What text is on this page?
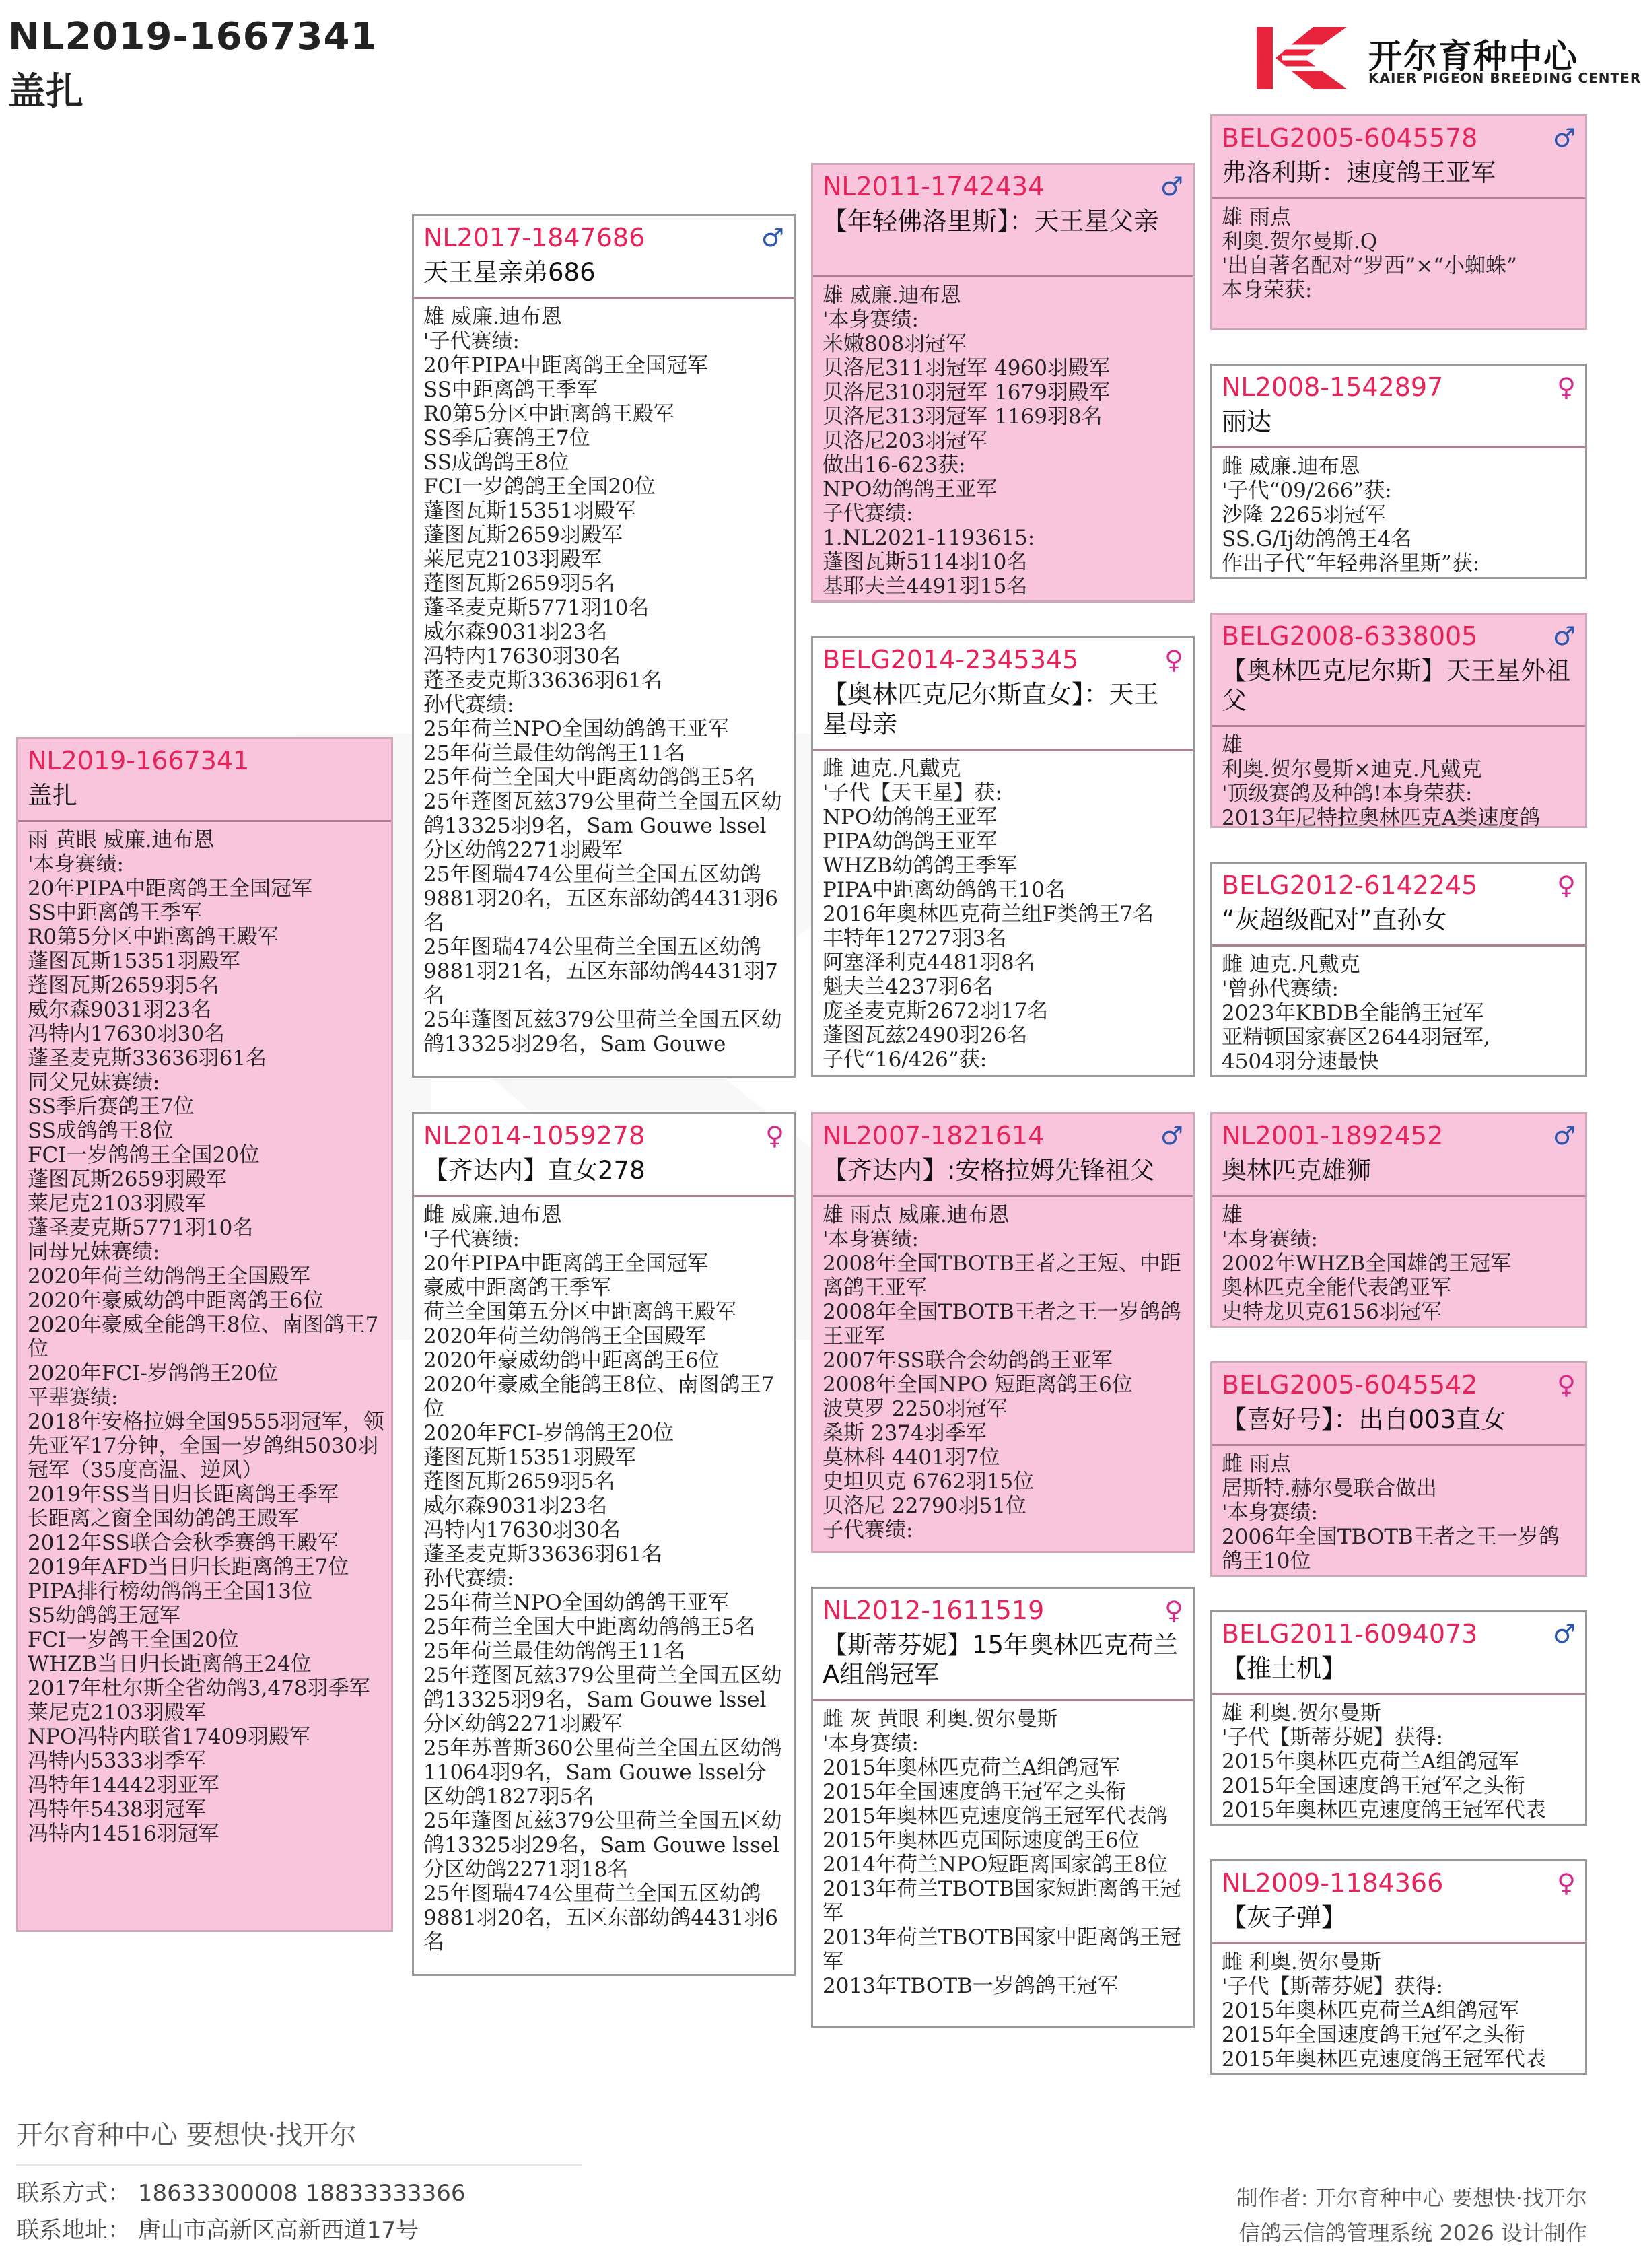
NL2019-1667341
盖扎
开尔育种中心
KAIER PIGEON BREEDING CENTER
NL2019-1667341
盖扎
雨 黄眼 威廉.迪布恩
'本身赛绩:
20年PIPA中距离鸽王全国冠军
SS中距离鸽王季军
R0第5分区中距离鸽王殿军
蓬图瓦斯15351羽殿军
蓬图瓦斯2659羽5名
威尔森9031羽23名
冯特内17630羽30名
蓬圣麦克斯33636羽61名
同父兄妹赛绩:
SS季后赛鸽王7位
SS成鸽鸽王8位
FCI一岁鸽鸽王全国20位
蓬图瓦斯2659羽殿军
莱尼克2103羽殿军
蓬圣麦克斯5771羽10名
同母兄妹赛绩:
2020年荷兰幼鸽鸽王全国殿军
2020年豪威幼鸽中距离鸽王6位
2020年豪威全能鸽王8位、南图鸽王7位
2020年FCI-岁鸽鸽王20位
平辈赛绩:
2018年安格拉姆全国9555羽冠军，领先亚军17分钟，全国一岁鸽组5030羽冠军（35度高温、逆风）
2019年SS当日归长距离鸽王季军
长距离之窗全国幼鸽鸽王殿军
2012年SS联合会秋季赛鸽王殿军
2019年AFD当日归长距离鸽王7位
PIPA排行榜幼鸽鸽王全国13位
S5幼鸽鸽王冠军
FCI一岁鸽王全国20位
WHZB当日归长距离鸽王24位
2017年杜尔斯全省幼鸽3,478羽季军
莱尼克2103羽殿军
NPO冯特内联省17409羽殿军
冯特内5333羽季军
冯特年14442羽亚军
冯特年5438羽冠军
冯特内14516羽冠军
NL2017-1847686	♂
天王星亲弟686
雄 威廉.迪布恩
'子代赛绩:
20年PIPA中距离鸽王全国冠军
SS中距离鸽王季军
R0第5分区中距离鸽王殿军
SS季后赛鸽王7位
SS成鸽鸽王8位
FCI一岁鸽鸽王全国20位
蓬图瓦斯15351羽殿军
蓬图瓦斯2659羽殿军
莱尼克2103羽殿军
蓬图瓦斯2659羽5名
蓬圣麦克斯5771羽10名
威尔森9031羽23名
冯特内17630羽30名
蓬圣麦克斯33636羽61名
孙代赛绩:
25年荷兰NPO全国幼鸽鸽王亚军
25年荷兰最佳幼鸽鸽王11名
25年荷兰全国大中距离幼鸽鸽王5名
25年蓬图瓦兹379公里荷兰全国五区幼鸽13325羽9名，Sam Gouwe lssel分区幼鸽2271羽殿军
25年图瑞474公里荷兰全国五区幼鸽9881羽20名，五区东部幼鸽4431羽6名
25年图瑞474公里荷兰全国五区幼鸽9881羽21名，五区东部幼鸽4431羽7名
25年蓬图瓦兹379公里荷兰全国五区幼鸽13325羽29名，Sam Gouwe
NL2014-1059278	♀
【齐达内】直女278
雌 威廉.迪布恩
'子代赛绩:
20年PIPA中距离鸽王全国冠军
豪威中距离鸽王季军
荷兰全国第五分区中距离鸽王殿军
2020年荷兰幼鸽鸽王全国殿军
2020年豪威幼鸽中距离鸽王6位
2020年豪威全能鸽王8位、南图鸽王7位
2020年FCI-岁鸽鸽王20位
蓬图瓦斯15351羽殿军
蓬图瓦斯2659羽5名
威尔森9031羽23名
冯特内17630羽30名
蓬圣麦克斯33636羽61名
孙代赛绩:
25年荷兰NPO全国幼鸽鸽王亚军
25年荷兰全国大中距离幼鸽鸽王5名
25年荷兰最佳幼鸽鸽王11名
25年蓬图瓦兹379公里荷兰全国五区幼鸽13325羽9名，Sam Gouwe lssel分区幼鸽2271羽殿军
25年苏普斯360公里荷兰全国五区幼鸽11064羽9名，Sam Gouwe lssel分区幼鸽1827羽5名
25年蓬图瓦兹379公里荷兰全国五区幼鸽13325羽29名，Sam Gouwe lssel分区幼鸽2271羽18名
25年图瑞474公里荷兰全国五区幼鸽9881羽20名，五区东部幼鸽4431羽6名
NL2011-1742434	♂
【年轻佛洛里斯】：天王星父亲
雄 威廉.迪布恩
'本身赛绩:
米嫩808羽冠军
贝洛尼311羽冠军 4960羽殿军
贝洛尼310羽冠军 1679羽殿军
贝洛尼313羽冠军 1169羽8名
贝洛尼203羽冠军
做出16-623获:
NPO幼鸽鸽王亚军
子代赛绩:
1.NL2021-1193615:
蓬图瓦斯5114羽10名
基耶夫兰4491羽15名
BELG2014-2345345	♀
【奥林匹克尼尔斯直女】：天王星母亲
雌 迪克.凡戴克
'子代【天王星】获:
NPO幼鸽鸽王亚军
PIPA幼鸽鸽王亚军
WHZB幼鸽鸽王季军
PIPA中距离幼鸽鸽王10名
2016年奥林匹克荷兰组F类鸽王7名
丰特年12727羽3名
阿塞泽利克4481羽8名
魁夫兰4237羽6名
庞圣麦克斯2672羽17名
蓬图瓦兹2490羽26名
子代“16/426”获:
NL2007-1821614	♂
【齐达内】:安格拉姆先锋祖父
雄 雨点 威廉.迪布恩
'本身赛绩:
2008年全国TBOTB王者之王短、中距离鸽王亚军
2008年全国TBOTB王者之王一岁鸽鸽王亚军
2007年SS联合会幼鸽鸽王亚军
2008年全国NPO 短距离鸽王6位
波莫罗 2250羽冠军
桑斯 2374羽季军
莫林科 4401羽7位
史坦贝克 6762羽15位
贝洛尼 22790羽51位
子代赛绩:
NL2012-1611519	♀
【斯蒂芬妮】15年奥林匹克荷兰A组鸽冠军
雌 灰 黄眼 利奥.贺尔曼斯
'本身赛绩:
2015年奥林匹克荷兰A组鸽冠军
2015年全国速度鸽王冠军之头衔
2015年奥林匹克速度鸽王冠军代表鸽
2015年奥林匹克国际速度鸽王6位
2014年荷兰NPO短距离国家鸽王8位
2013年荷兰TBOTB国家短距离鸽王冠军
2013年荷兰TBOTB国家中距离鸽王冠军
2013年TBOTB一岁鸽鸽王冠军
BELG2005-6045578	♂
弗洛利斯：速度鸽王亚军
雄 雨点
利奥.贺尔曼斯.Q
'出自著名配对“罗西”×“小蜘蛛”
本身荣获:
NL2008-1542897	♀
丽达
雌 威廉.迪布恩
'子代“09/266”获:
沙隆 2265羽冠军
SS.G/Ij幼鸽鸽王4名
作出子代“年轻弗洛里斯”获:
BELG2008-6338005	♂
【奥林匹克尼尔斯】天王星外祖父
雄
利奥.贺尔曼斯×迪克.凡戴克
'顶级赛鸽及种鸽!本身荣获:
2013年尼特拉奥林匹克A类速度鸽
BELG2012-6142245	♀
“灰超级配对”直孙女
雌 迪克.凡戴克
'曾孙代赛绩:
2023年KBDB全能鸽王冠军
亚精顿国家赛区2644羽冠军,
4504羽分速最快
NL2001-1892452	♂
奥林匹克雄狮
雄
'本身赛绩:
2002年WHZB全国雄鸽王冠军
奥林匹克全能代表鸽亚军
史特龙贝克6156羽冠军
BELG2005-6045542	♀
【喜好号】：出自003直女
雌 雨点
居斯特.赫尔曼联合做出
'本身赛绩:
2006年全国TBOTB王者之王一岁鸽鸽王10位
BELG2011-6094073	♂
【推土机】
雄 利奥.贺尔曼斯
'子代【斯蒂芬妮】获得:
2015年奥林匹克荷兰A组鸽冠军
2015年全国速度鸽王冠军之头衔
2015年奥林匹克速度鸽王冠军代表
NL2009-1184366	♀
【灰子弹】
雌 利奥.贺尔曼斯
'子代【斯蒂芬妮】获得:
2015年奥林匹克荷兰A组鸽冠军
2015年全国速度鸽王冠军之头衔
2015年奥林匹克速度鸽王冠军代表
开尔育种中心 要想快·找开尔
联系方式： 18633300008 18833333366
联系地址： 唐山市高新区高新西道17号
制作者: 开尔育种中心 要想快·找开尔
信鸽云信鸽管理系统 2026 设计制作
